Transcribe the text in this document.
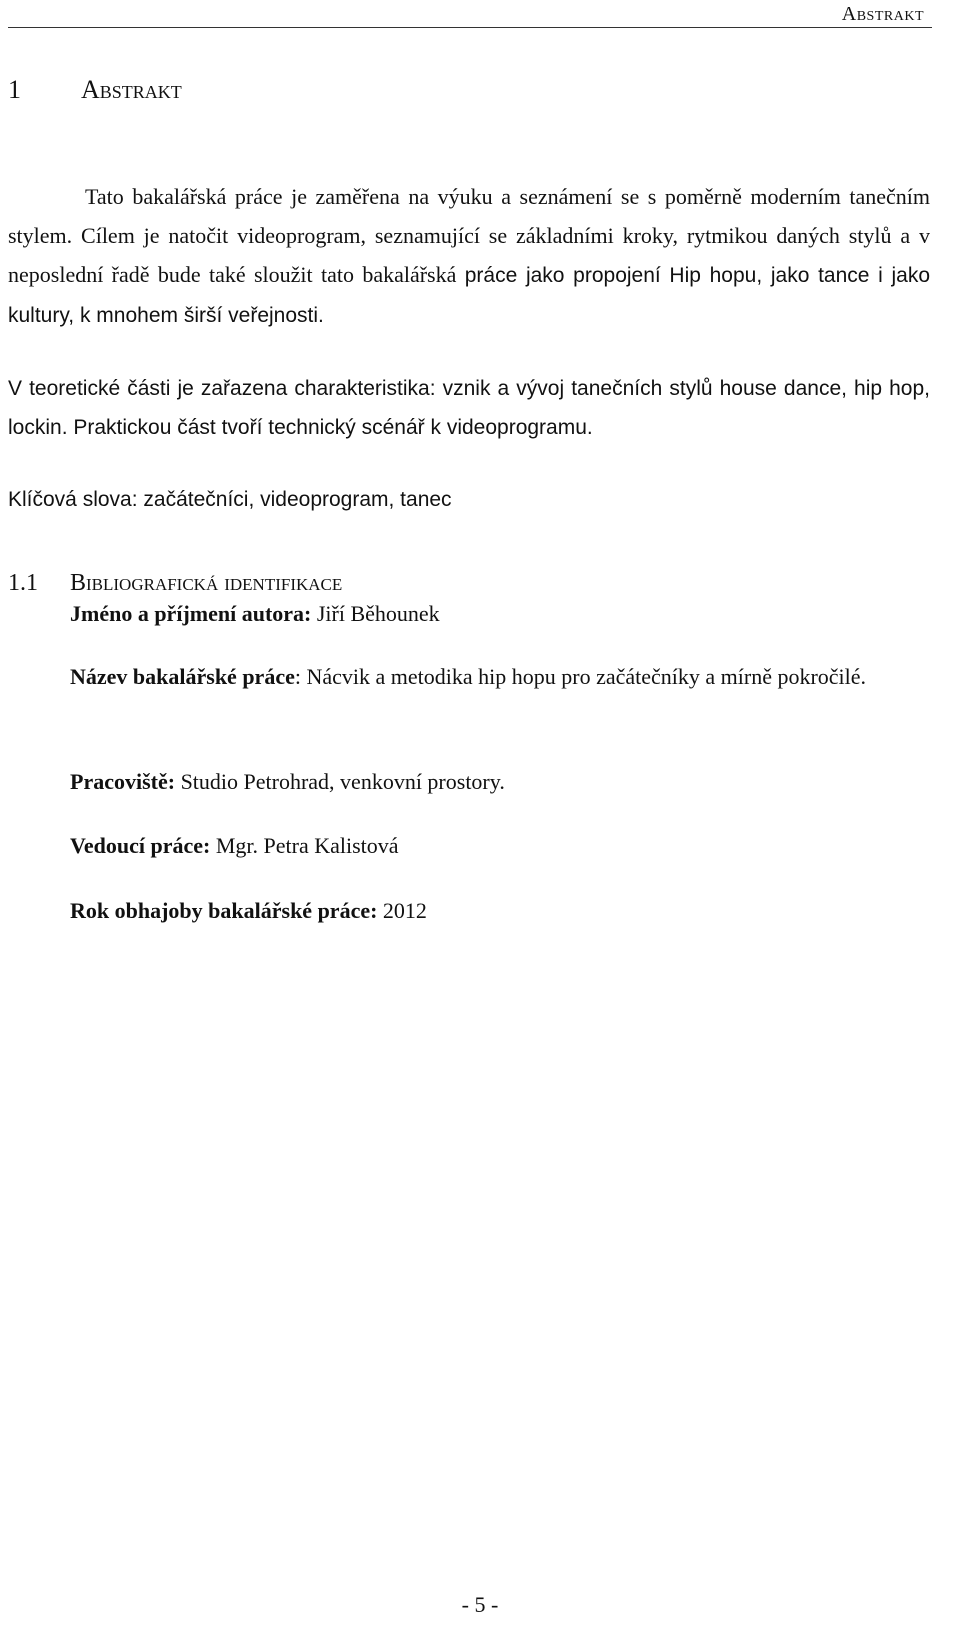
Abstrakt
1 Abstrakt

Tato bakalářská práce je zaměřena na výuku a seznámení se s poměrně moderním tanečním stylem. Cílem je natočit videoprogram, seznamující se základními kroky, rytmikou daných stylů a v neposlední řadě bude také sloužit tato bakalářská práce jako propojení Hip hopu, jako tance i jako kultury, k mnohem širší veřejnosti.

V teoretické části je zařazena charakteristika: vznik a vývoj tanečních stylů house dance, hip hop, lockin. Praktickou část tvoří technický scénář k videoprogramu.

Klíčová slova: začátečníci, videoprogram, tanec

1.1 Bibliografická identifikace

Jméno a příjmení autora: Jiří Běhounek

Název bakalářské práce: Nácvik a metodika hip hopu pro začátečníky a mírně pokročilé.

Pracoviště: Studio Petrohrad, venkovní prostory.

Vedoucí práce: Mgr. Petra Kalistová

Rok obhajoby bakalářské práce: 2012

- 5 -
